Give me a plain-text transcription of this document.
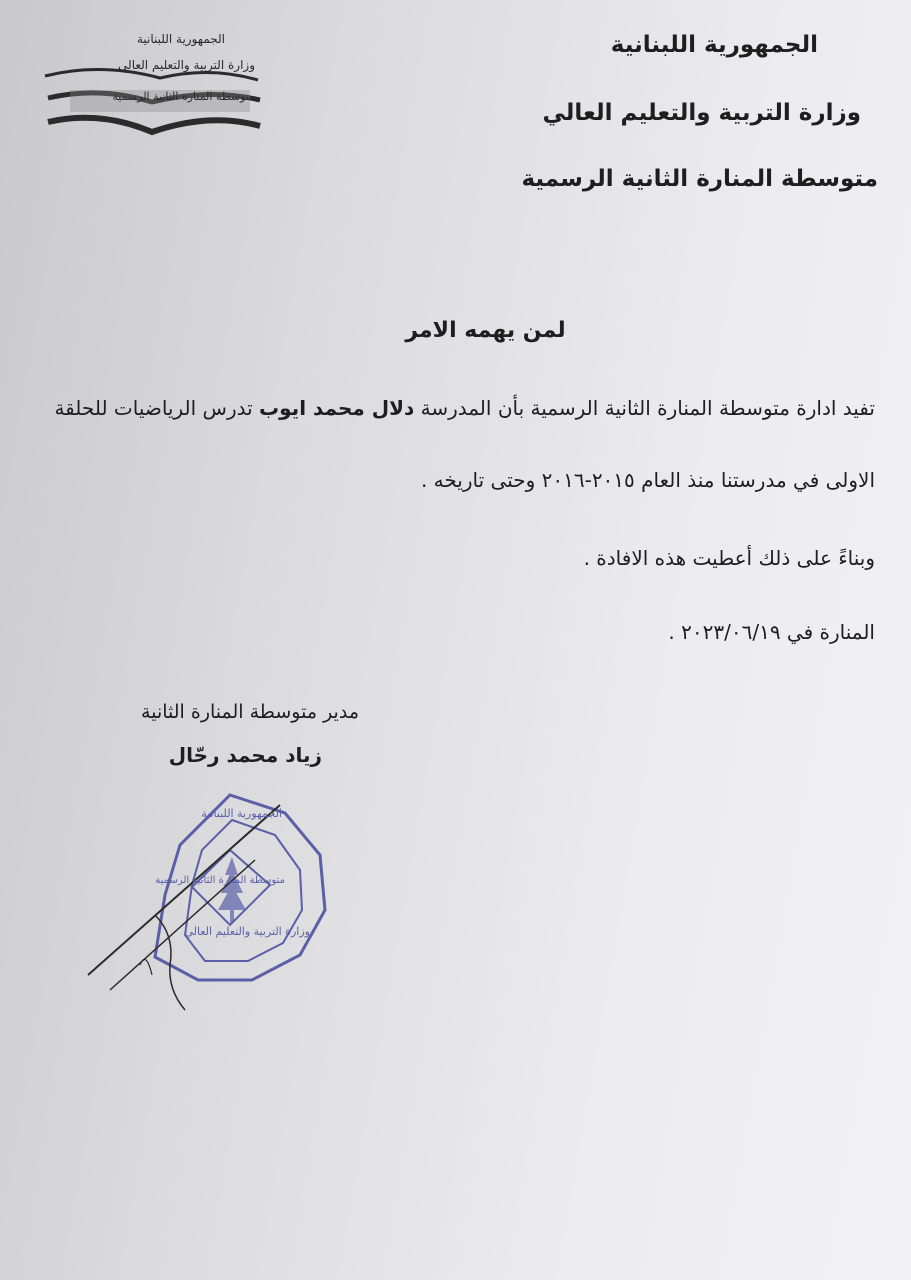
الجمهورية اللبنانية
وزارة التربية والتعليم العالي
متوسطة المنارة الثانية الرسمية
الجمهورية اللبنانية
وزارة التربية والتعليم العالي
متوسطة المنارة الثانية الرسمية
لمن يهمه الامر
تفيد ادارة متوسطة المنارة الثانية الرسمية بأن المدرسة دلال محمد ايوب تدرس الرياضيات للحلقة
الاولى في مدرستنا منذ العام ٢٠١٥-٢٠١٦ وحتى تاريخه .
وبناءً على ذلك أعطيت هذه الافادة .
المنارة في ٢٠٢٣/٠٦/١٩ .
مدير متوسطة المنارة الثانية
زياد محمد رحّال
الجمهورية اللبنانية
متوسطة المنارة الثانية الرسمية
وزارة التربية والتعليم العالي
